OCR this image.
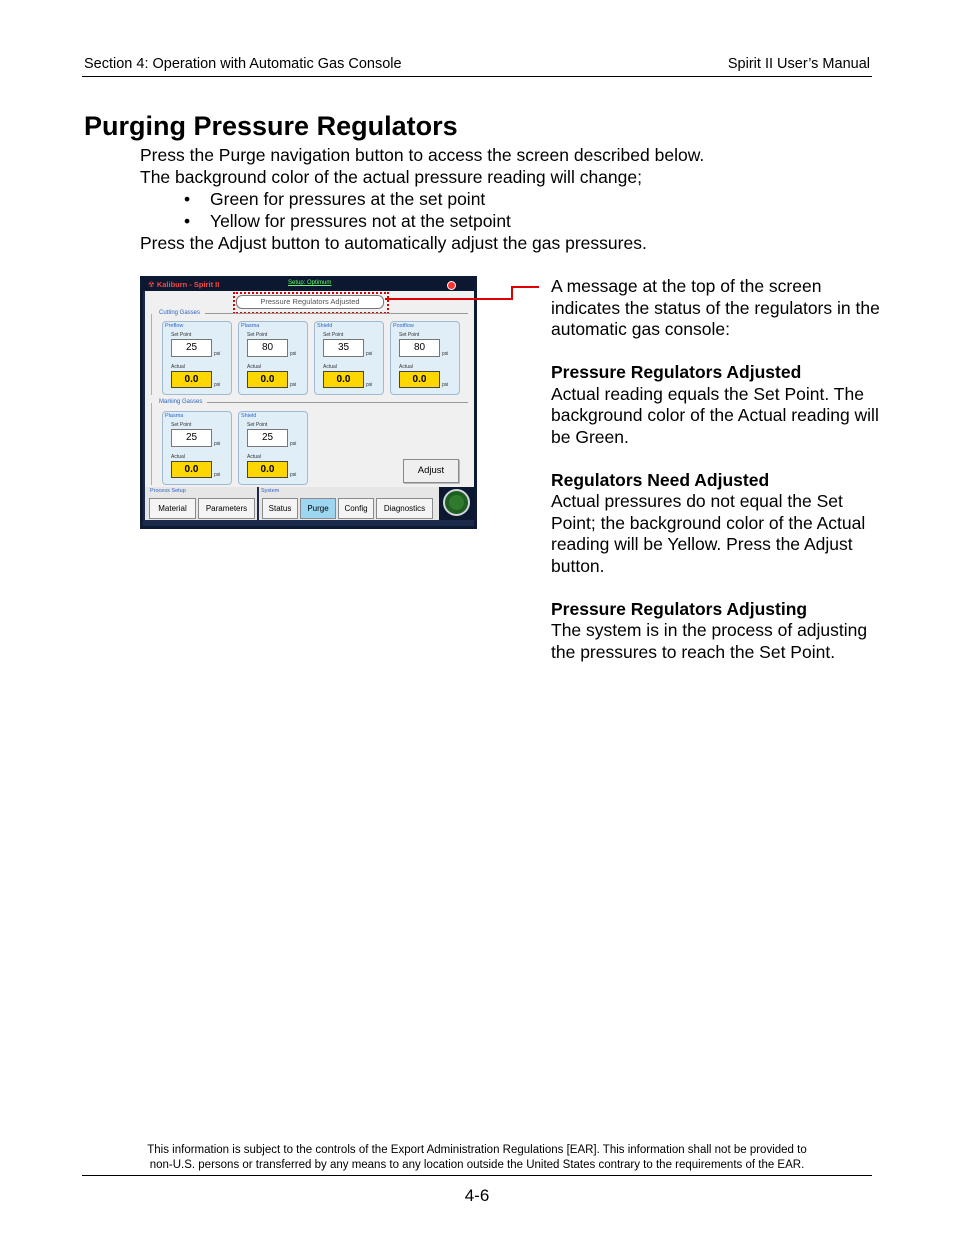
Section 4: Operation with Automatic Gas Console	Spirit II User’s Manual
Purging Pressure Regulators

Press the Purge navigation button to access the screen described below.

The background color of the actual pressure reading will change;

• Green for pressures at the set point
• Yellow for pressures not at the setpoint

Press the Adjust button to automatically adjust the gas pressures.

☢ Kaliburn - Spirit II	Setup: Optimum
Pressure Regulators Adjusted
Cutting Gasses
Preflow
Set Point
25
psi
Actual
0.0	psi
Plasma
Set Point
80
psi
Actual
0.0	psi
Shield
Set Point
35
psi
Actual
0.0	psi
Postflow
Set Point
80
psi
Actual
0.0	psi
Marking Gasses
Plasma
Set Point
25
psi
Actual
0.0	psi
Shield
Set Point
25
psi
Actual
0.0	psi	Adjust
Process Setup	System
Material	Parameters	Status	Purge	Config	Diagnostics

A message at the top of the screen indicates the status of the regulators in the automatic gas console:

Pressure Regulators Adjusted

Actual reading equals the Set Point. The background color of the Actual reading will be Green.

Regulators Need Adjusted

Actual pressures do not equal the Set Point; the background color of the Actual reading will be Yellow. Press the Adjust button.

Pressure Regulators Adjusting

The system is in the process of adjusting the pressures to reach the Set Point.

This information is subject to the controls of the Export Administration Regulations [EAR]. This information shall not be provided to
non-U.S. persons or transferred by any means to any location outside the United States contrary to the requirements of the EAR.
4-6
